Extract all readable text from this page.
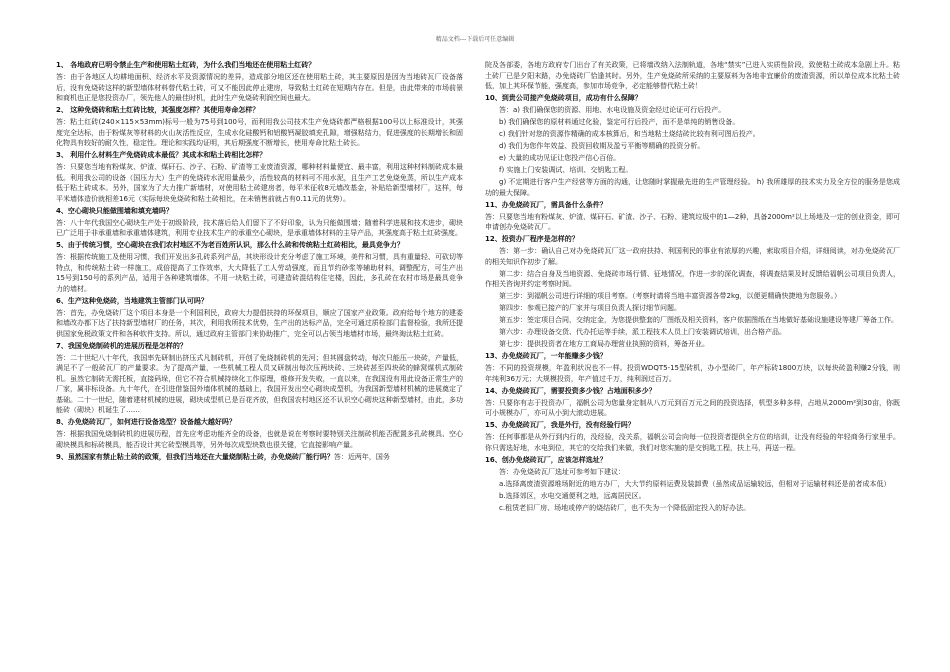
精品文档---下载后可任意编辑

1、 各地政府已明令禁止生产和使用粘土红砖，为什么我们当地还在使用粘土红砖？

答：由于各地区人均耕地面积、经济水平及资源情况的差异，造成部分地区还在使用粘土砖，其主要原因是因为当地砖瓦厂设备落后，没有免烧砖这样的新型墙体材料替代粘土砖，可又不能因此停止建房，导致粘土红砖在短期内存在。但是，由此带来的市场前景和商机也正是您投资办厂，领先他人的最佳时机，此时生产免烧砖利润空间也最大。

2、 这种免烧砖和粘土红砖比较，其强度怎样？其使用寿命怎样？

答：粘土红砖(240×115×53mm)标号一般为75号到100号，而利用我公司技术生产免烧砖都严格根据100号以上标准设计，其强度完全达标，由于粉煤灰等材料的火山灰活性反应，生成水化硅酸钙和铝酸钙凝胶填充孔隙，增强粘结力，促进强度的长期增长和固化物具有较好的耐久性，稳定性。理论和实践均证明，其后期强度不断增长，使用寿命比粘土砖长。

3、 利用什么材料生产免烧砖成本最低？其成本和粘土砖相比怎样？

答：只要您当地有粉煤灰、炉渣、煤矸石、沙子、石粉、矿渣等工业废渣资源，哪种材料量便宜、最丰富，利用这种材料制砖成本最低。利用我公司的设备（国压力大）生产的免烧砖水泥用量最少，活性较高的材料可不用水泥，且生产工艺免烧免蒸，所以生产成本低于粘土砖成本。另外，国家为了大力推广新墙材，对使用粘土砖建房者，每平米征收8元墙改基金，补贴给新型墙材厂，这样，每平米墙体造价就相差16元（实际每块免烧砖和粘土砖相比，在未销售前就占有0.11元的优势）。

4、空心砌块只能做围墙和填充墙吗？

答：八十年代我国空心砌块生产处于初级阶段，技术落后给人们留下了不好印象，认为只能做围墙；随着科学进展和技术进步，砌块已广泛用于非承重墙和承重墙体建筑，利用专业技术生产的承重空心砌块，是承重墙体材料的主导产品，其强度高于粘土红砖强度。

5、由于传统习惯，空心砌块在我们农村地区不为老百姓所认识，那么什么砖和传统粘土红砖相比，最具竞争力？

答：根据传统施工及使用习惯，我们开发出多孔砖系列产品，其块形设计充分考虑了施工环境，美件和习惯，具有重量轻、可砍切等特点，和传统粘土砖一样施工，成倍提高了工作效率，大大降低了工人劳动强度，而且节约砂浆等辅助材料，调整配方，可生产出15号到150号的系列产品，适用于各种建筑墙体，不用一块粘土砖，可建造砖混结构住宅楼，因此，多孔砖在农村市场是最具竞争力的墙材。

6、生产这种免烧砖，当地建筑主管部门认可吗？

答：首先，办免烧砖厂这个项目本身是一个利国利民，政府大力提倡扶持的环保项目，顺应了国家产业政策。政府给每个地方的建委和墙改办都下达了扶持新型墙材厂的任务，其次，利用我所技术优势，生产出的达标产品，完全可通过质检部门监督检验，我所还提供国家免税政策文件和各种软件支持。所以，通过政府主管部门来协助推广，完全可以占领当地墙材市场，最终淘汰粘土红砖。

7、我国免烧制砖机的进展历程是怎样的？

答：二十世纪八十年代，我国率先研制出挤压式凡制砖机，开创了免烧制砖机的先河；但其圆盘转动，每次只能压一块砖，产量低，满足不了一般砖瓦厂的产量要求。为了提高产量，一些机械工程人员又研制出每次压两块砖、三块砖甚至四块砖的蜂窝煤机式制砖机。虽然它制砖无需托板，直接码垛，但它不符合机械持续化工作原理，维修开发失败，一直以来，在我国没有用此设备正常生产的厂家，属非标设备。九十年代，在引进借鉴国外墙体机械的基础上，我国开发出空心砌块成型机，为我国新型墙材机械的进展奠定了基础。二十一世纪，随着建材机械的进展，砌块成型机已是百花齐放，但我国农村地区还不认识空心砌块这种新型墙材，由此，多功能砖（砌块）机诞生了……

8、办免烧砖瓦厂，如何进行设备选型？设备越大越好吗？

答：根据我国免烧制砖机的进展历程，首先应考虑功能齐全的设备，也就是说在考察时要特别关注制砖机能否配置多孔砖模具、空心砌块模具和标砖模具，能否设计其它砖型模具等，另外每次成型块数也很关键，它直接影响产量。

9、虽然国家有禁止粘土砖的政策，但我们当地还在大量烧制粘土砖，办免烧砖厂能行吗？答：近两年，国务

院及各部委，各地方政府专门出台了有关政策，已将墙改纳入法制轨道，各地“禁实”已进入实质性阶段，致使粘土砖成本急剧上升。粘土砖厂已是夕阳末路，办免烧砖厂恰逢其时。另外，生产免烧砖所采纳的主要原料为各地非宜廉价的废渣资源，所以单位成本比粘土砖低，加上其环保节能，强度高，参加市场竞争，必定能够替代粘土砖！

10、到贵公司接产免烧砖项目，成功有什么保障？

答：a) 我们确保您的资源、用地、水电设施及资金经过论证可行后投产。

b) 我们确保您的原材料通过化验，鉴定可行后投产，而不是单纯的销售设备。

c) 我们针对您的资源作精确的成本核算后，和当地粘土烧结砖比较有利可图后投产。

d) 我们为您作年效益、投资回收期及盈亏平衡等精确的投资分析。

e) 大量的成功见证让您投产信心百倍。

f) 实施上门安装调试、培训、交钥匙工程。

g) 不定期进行客户生产经营等方面的沟通，让您随时掌握最先进的生产管理经验。 h) 我所雄厚的技术实力及全方位的服务是您成功的最大保障。

11、办免烧砖瓦厂，需具备什么条件？

答：只要您当地有粉煤灰、炉渣、煤矸石、矿渣、沙子、石粉、建筑垃圾中的1—2种，具备2000m²以上场地及一定的创业资金，即可申请创办免烧砖瓦厂。

12、投资办厂程序是怎样的？

答：第一步：确认自己对办免烧砖瓦厂这一政府扶持、利国利民的事业有浓厚的兴趣，索取项目介绍，详细阅读，对办免烧砖瓦厂的相关知识作初步了解。

第二步：结合自身及当地资源、免烧砖市场行情、征地情况，作进一步的深化调查，将调查结果及时反馈给福帆公司项目负责人，作相关咨询并约定考察时间。

第三步：到福帆公司进行详细的项目考察。（考察时请将当地丰富资源各带2kg，以便更精确快捷地为您服务。）

第四步：参观已接产的厂家并与项目负责人探讨细节问题。

第五步：签定项目合同，交纳定金，为您提供整套的厂图纸及相关资料，客户依据图纸在当地做好基础设施建设等建厂筹备工作。

第六步：办理设备交货、代办托运等手续，派工程技术人员上门安装调试培训，出合格产品。

第七步：提供投资者在地方工商局办理营业执照的资料，筹备开业。

13、办免烧砖瓦厂，一年能赚多少钱？

答：不同的投资规模，年盈利状况也不一样。投资WDQT5-15型砖机，办小型砖厂，年产标砖1800万块，以每块砖盈利赚2分钱，则年纯利36万元；大规模投资，年产值过千万，纯利润过百万。

14、办免烧砖瓦厂，需要投资多少钱？占地面积多少？

答：只要你有志于投资办厂，福帆公司为您量身定制从八万元到百万元之间的投资选择，机型多种多样，占地从2000m²到30亩，你既可小规模办厂，亦可从小到大滚动进展。

15、办免烧砖瓦厂，我是外行，没有经验行吗？

答：任何事都是从外行到内行的，没经验，没关系，福帆公司会向每一位投资者提供全方位的培训，让没有经验的年轻商务行家里手。你只需选好地，水电到位，其它的交给我们来做，我们对您实施的是交钥匙工程，扶上马，再送一程。

16、创办免烧砖瓦厂，应该怎样选址？

答：办免烧砖瓦厂选址可参考如下建议：

a.选择离废渣资源堆场附近的地方办厂，大大节约原料运费及装卸费（虽然成品运输较远，但相对于运输材料还是前者成本低）

b.选择郊区，水电交通便利之地，远离居民区。

c.租赁老旧厂房、场地或停产的烧结砖厂，也不失为一个降低固定投入的好办法。
